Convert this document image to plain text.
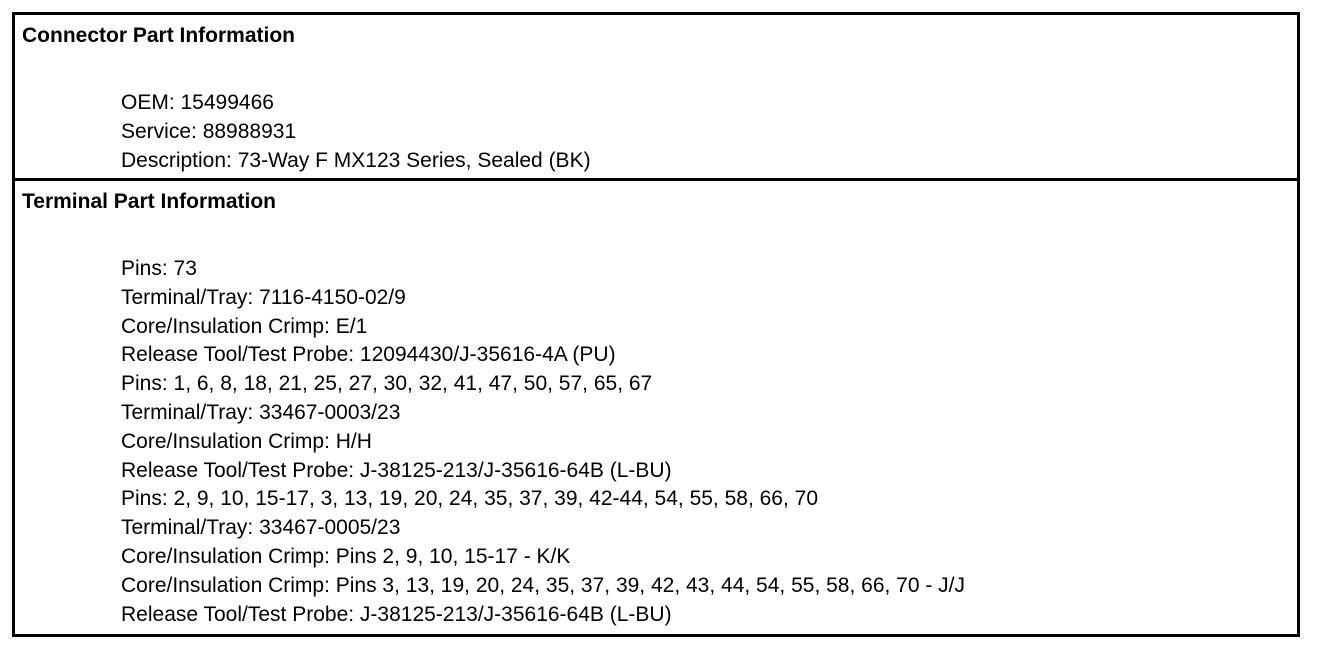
Connector Part Information
OEM: 15499466
Service: 88988931
Description: 73-Way F MX123 Series, Sealed (BK)
Terminal Part Information
Pins: 73
Terminal/Tray: 7116-4150-02/9
Core/Insulation Crimp: E/1
Release Tool/Test Probe: 12094430/J-35616-4A (PU)
Pins: 1, 6, 8, 18, 21, 25, 27, 30, 32, 41, 47, 50, 57, 65, 67
Terminal/Tray: 33467-0003/23
Core/Insulation Crimp: H/H
Release Tool/Test Probe: J-38125-213/J-35616-64B (L-BU)
Pins: 2, 9, 10, 15-17, 3, 13, 19, 20, 24, 35, 37, 39, 42-44, 54, 55, 58, 66, 70
Terminal/Tray: 33467-0005/23
Core/Insulation Crimp: Pins 2, 9, 10, 15-17 - K/K
Core/Insulation Crimp: Pins 3, 13, 19, 20, 24, 35, 37, 39, 42, 43, 44, 54, 55, 58, 66, 70 - J/J
Release Tool/Test Probe: J-38125-213/J-35616-64B (L-BU)
